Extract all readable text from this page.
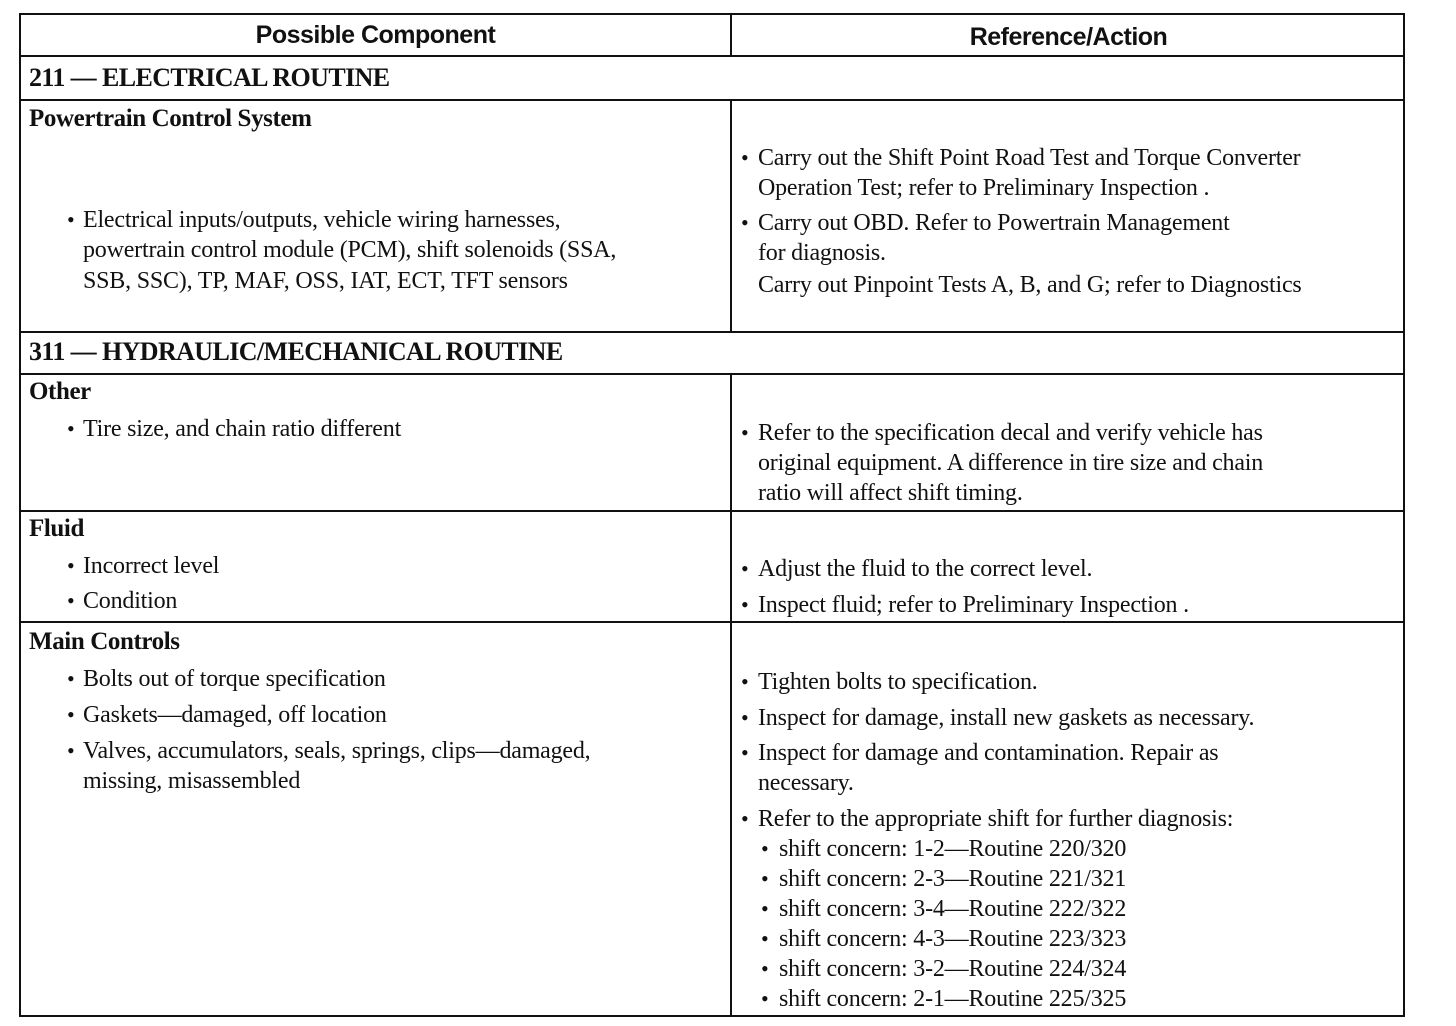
Possible Component	Reference/Action
211 — ELECTRICAL ROUTINE
Powertrain Control System
• Electrical inputs/outputs, vehicle wiring harnesses,
powertrain control module (PCM), shift solenoids (SSA,
SSB, SSC), TP, MAF, OSS, IAT, ECT, TFT sensors
• Carry out the Shift Point Road Test and Torque Converter
Operation Test; refer to Preliminary Inspection .
• Carry out OBD. Refer to Powertrain Management
for diagnosis.
Carry out Pinpoint Tests A, B, and G; refer to Diagnostics
311 — HYDRAULIC/MECHANICAL ROUTINE
Other
• Tire size, and chain ratio different	• Refer to the specification decal and verify vehicle has
original equipment. A difference in tire size and chain
ratio will affect shift timing.
Fluid
• Incorrect level
• Condition
• Adjust the fluid to the correct level.
• Inspect fluid; refer to Preliminary Inspection .
Main Controls
• Bolts out of torque specification
• Gaskets—damaged, off location
• Valves, accumulators, seals, springs, clips—damaged,
missing, misassembled
• Tighten bolts to specification.
• Inspect for damage, install new gaskets as necessary.
• Inspect for damage and contamination. Repair as
necessary.
• Refer to the appropriate shift for further diagnosis:
• shift concern: 1-2—Routine 220/320
• shift concern: 2-3—Routine 221/321
• shift concern: 3-4—Routine 222/322
• shift concern: 4-3—Routine 223/323
• shift concern: 3-2—Routine 224/324
• shift concern: 2-1—Routine 225/325
